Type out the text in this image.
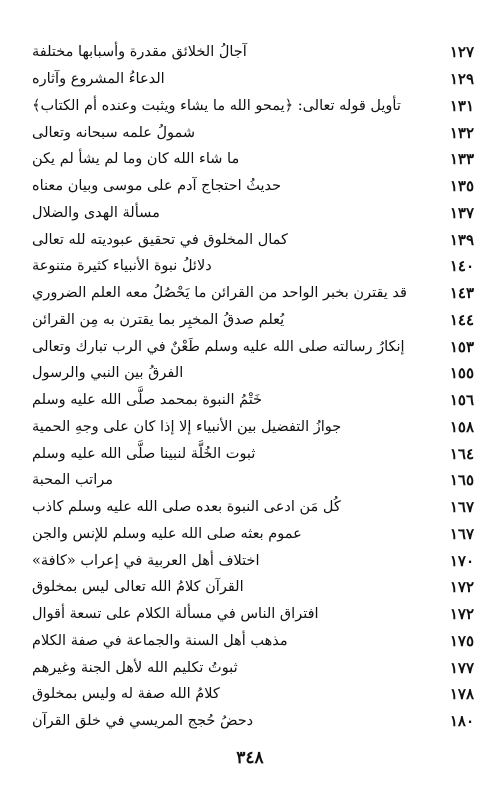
آجالُ الخلائق مقدرة وأسبابها مختلفة	١٢٧
الدعاءُ المشروع وآثاره	١٢٩
تأويل قوله تعالى: ﴿يمحو الله ما يشاء ويثبت وعنده أم الكتاب﴾	١٣١
شمولُ علمه سبحانه وتعالى	١٣٢
ما شاء الله كان وما لم يشأ لم يكن	١٣٣
حديثُ احتجاج آدم على موسى وبيان معناه	١٣٥
مسألة الهدى والضلال	١٣٧
كمال المخلوق في تحقيق عبوديته لله تعالى	١٣٩
دلائلُ نبوة الأنبياء كثيرة متنوعة	١٤٠
قد يقترن بخبر الواحد من القرائن ما يَحْصُلُ معه العلم الضروري	١٤٣
يُعلم صدقُ المخبِر بما يقترن به مِن القرائن	١٤٤
إنكارُ رسالته صلى الله عليه وسلم طَعْنٌ في الرب تبارك وتعالى	١٥٣
الفرقُ بين النبي والرسول	١٥٥
خَتْمُ النبوة بمحمد صلَّى الله عليه وسلم	١٥٦
جوازُ التفضيل بين الأنبياء إلا إذا كان على وجهِ الحمية	١٥٨
ثبوت الخُلَّة لنبينا صلَّى الله عليه وسلم	١٦٤
مراتب المحبة	١٦٥
كُل مَن ادعى النبوة بعده صلى الله عليه وسلم كاذب	١٦٧
عموم بعثه صلى الله عليه وسلم للإنس والجن	١٦٧
اختلاف أهل العربية في إعراب «كافة»	١٧٠
القرآن كلامُ الله تعالى ليس بمخلوق	١٧٢
افتراق الناس في مسألة الكلام على تسعة أقوال	١٧٢
مذهب أهل السنة والجماعة في صفة الكلام	١٧٥
ثبوتُ تكليم الله لأهل الجنة وغيرهم	١٧٧
كلامُ الله صفة له وليس بمخلوق	١٧٨
دحضُ حُجج المريسي في خلق القرآن	١٨٠
٣٤٨
